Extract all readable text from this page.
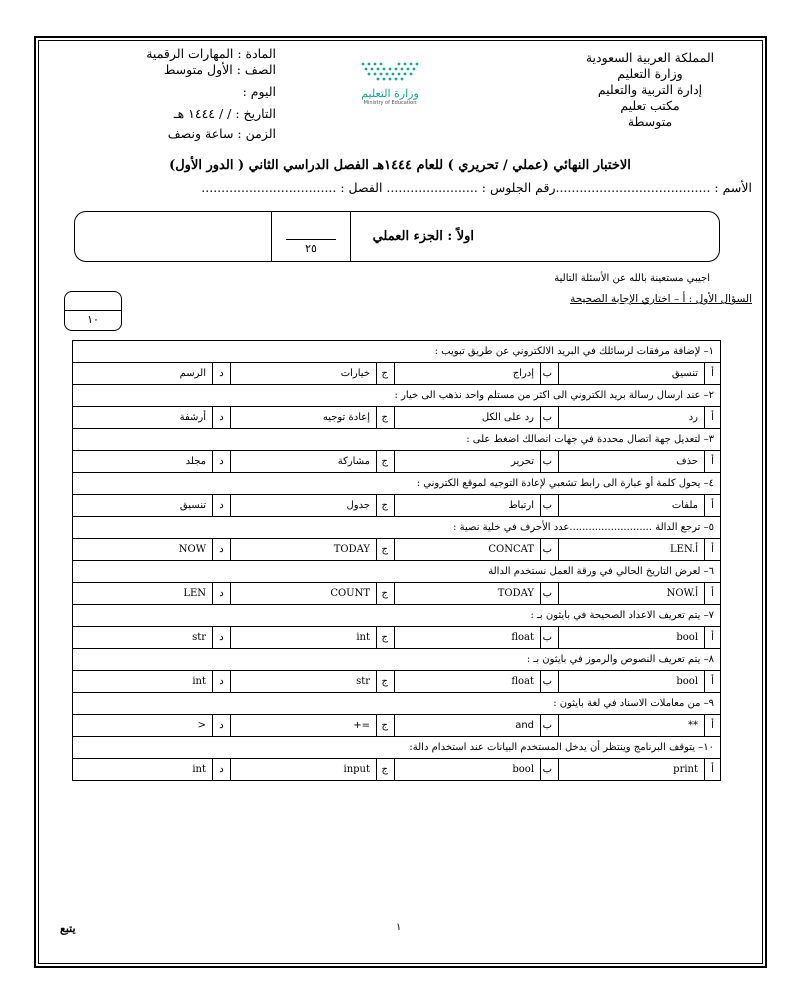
المملكة العربية السعودية
وزارة التعليم
إدارة التربية والتعليم
مكتب تعليم
متوسطة
وزارة التعليم
Ministry of Education
المادة : المهارات الرقمية
الصف : الأول متوسط
اليوم :
التاريخ : / / ١٤٤٤ هـ
الزمن : ساعة ونصف
الاختبار النهائي (عملي / تحريري ) للعام ١٤٤٤هـ الفصل الدراسي الثاني ( الدور الأول)
الأسم : .......................................رقم الجلوس : ....................... الفصل : ..................................
اولاً : الجزء العملي
٢٥
اجيبي مستعينة بالله عن الأسئلة التالية
السؤال الأول : أ – اختاري الإجابة الصحيحة
١٠
١– لإضافة مرفقات لرسائلك في البريد الالكتروني عن طريق تبويب :							
أ	تنسيق	ب	إدراج	ج	خيارات	د	الرسم
٢– عند ارسال رسالة بريد الكتروني الى اكثر من مستلم واحد نذهب الى خيار :							
أ	رد	ب	رد على الكل	ج	إعادة توجيه	د	أرشفة
٣– لتعديل جهة اتصال محددة في جهات اتصالك اضغط على :							
أ	حذف	ب	تحرير	ج	مشاركة	د	مجلد
٤– يحول كلمة أو عبارة الى رابط تشعبي لإعادة التوجيه لموقع الكتروني :							
أ	ملفات	ب	ارتباط	ج	جدول	د	تنسيق
٥– ترجع الدالة ..........................عدد الأحرف في خلية نصية :							
أ	LEN.أ	ب	CONCAT	ج	TODAY	د	NOW
٦– لعرض التاريخ الحالي في ورقة العمل نستخدم الدالة							
أ	NOW.أ	ب	TODAY	ج	COUNT	د	LEN
٧– يتم تعريف الاعداد الصحيحة في بايثون بـ :							
أ	bool	ب	float	ج	int	د	str
٨– يتم تعريف النصوص والرموز في بايثون بـ :							
أ	bool	ب	float	ج	str	د	int
٩– من معاملات الاسناد في لغة بايثون :							
أ	**	ب	and	ج	+=	د	>
١٠– يتوقف البرنامج وينتظر أن يدخل المستخدم البيانات عند استخدام دالة:							
أ	print	ب	bool	ج	input	د	int
يتبع	١
